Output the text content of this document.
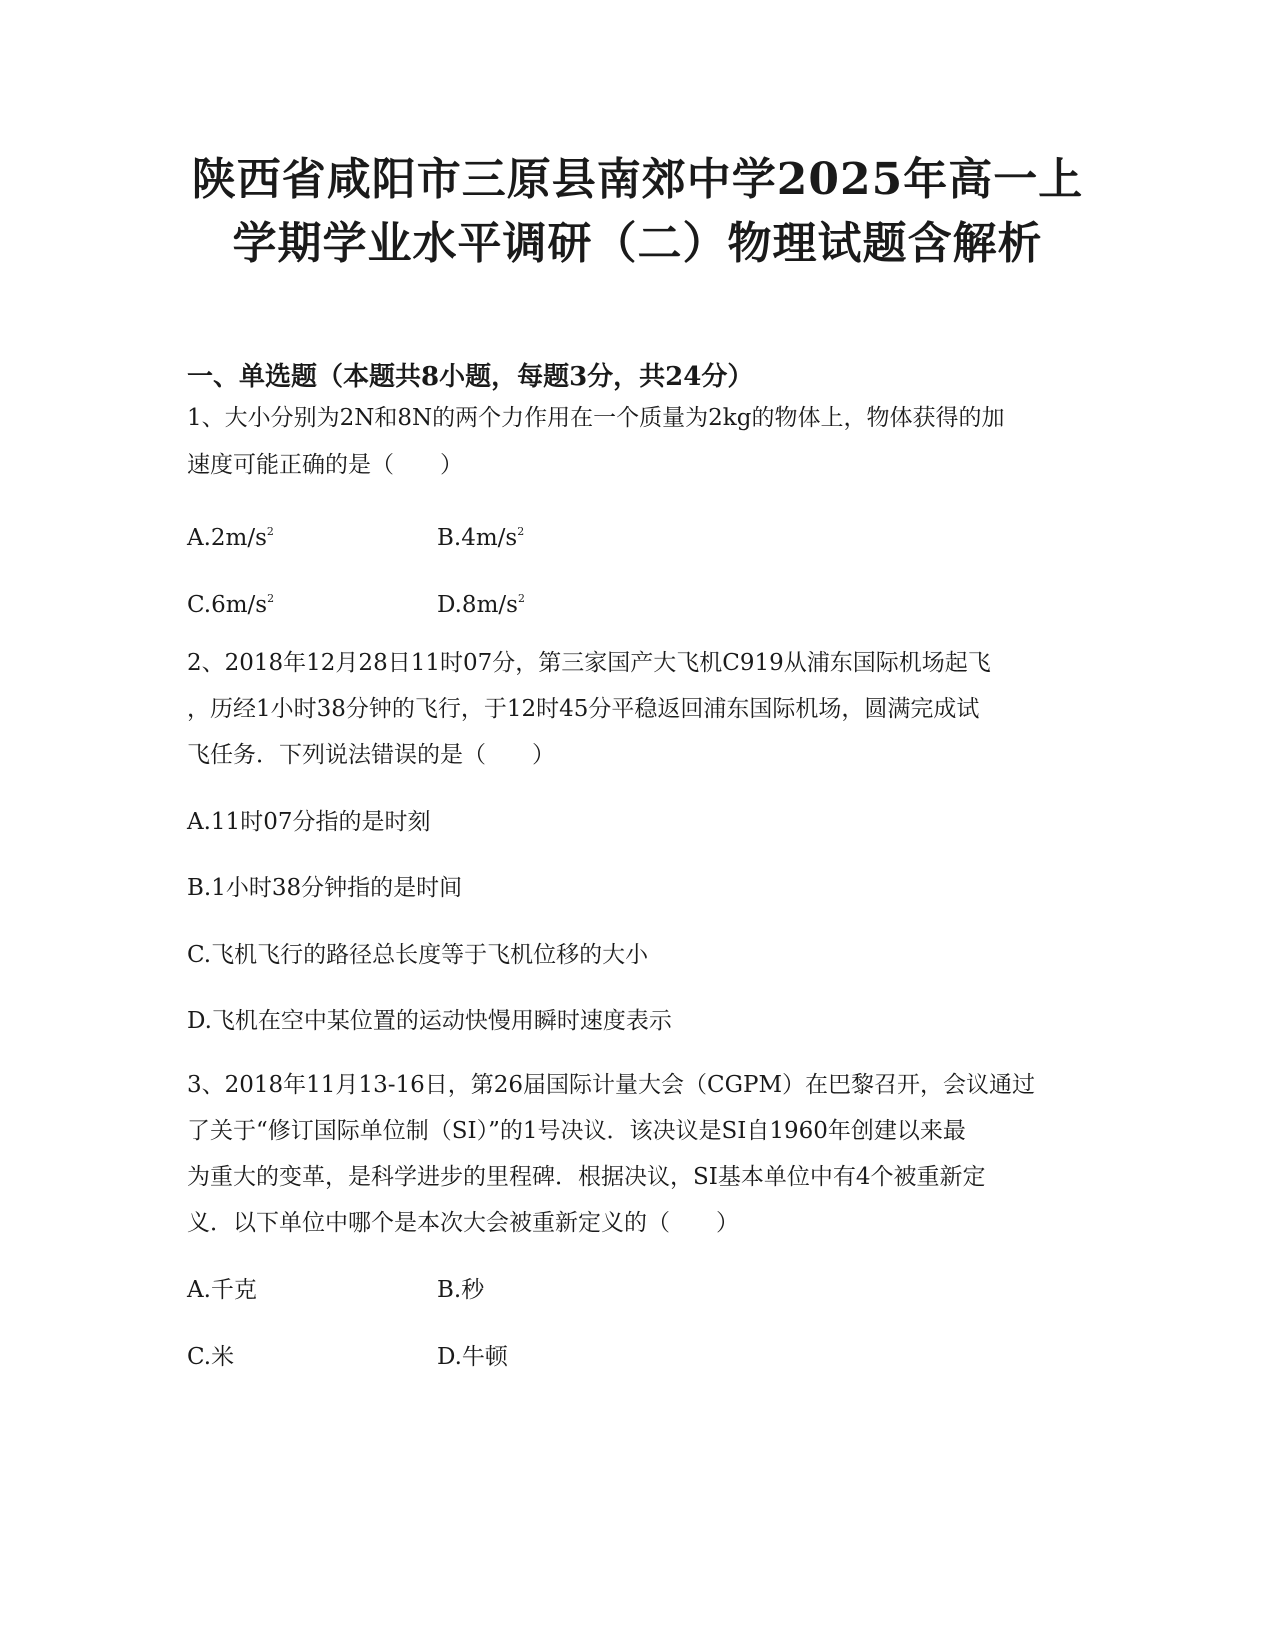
陕西省咸阳市三原县南郊中学2025年高一上
学期学业水平调研（二）物理试题含解析
一、单选题（本题共8小题，每题3分，共24分）
1、大小分别为2N和8N的两个力作用在一个质量为2kg的物体上，物体获得的加
速度可能正确的是（　　）
$A.2m/s^2$	$B.4m/s^2$
$C.6m/s^2$	$D.8m/s^2$
2、2018年12月28日11时07分，第三家国产大飞机C919从浦东国际机场起飞
，历经1小时38分钟的飞行，于12时45分平稳返回浦东国际机场，圆满完成试
飞任务．下列说法错误的是（　　）
A.11时07分指的是时刻
B.1小时38分钟指的是时间
C.飞机飞行的路径总长度等于飞机位移的大小
D.飞机在空中某位置的运动快慢用瞬时速度表示
3、2018年11月13-16日，第26届国际计量大会（CGPM）在巴黎召开，会议通过
了关于“修订国际单位制（SI）”的1号决议．该决议是SI自1960年创建以来最
为重大的变革，是科学进步的里程碑．根据决议，SI基本单位中有4个被重新定
义．以下单位中哪个是本次大会被重新定义的（　　）
A.千克	B.秒
C.米	D.牛顿
